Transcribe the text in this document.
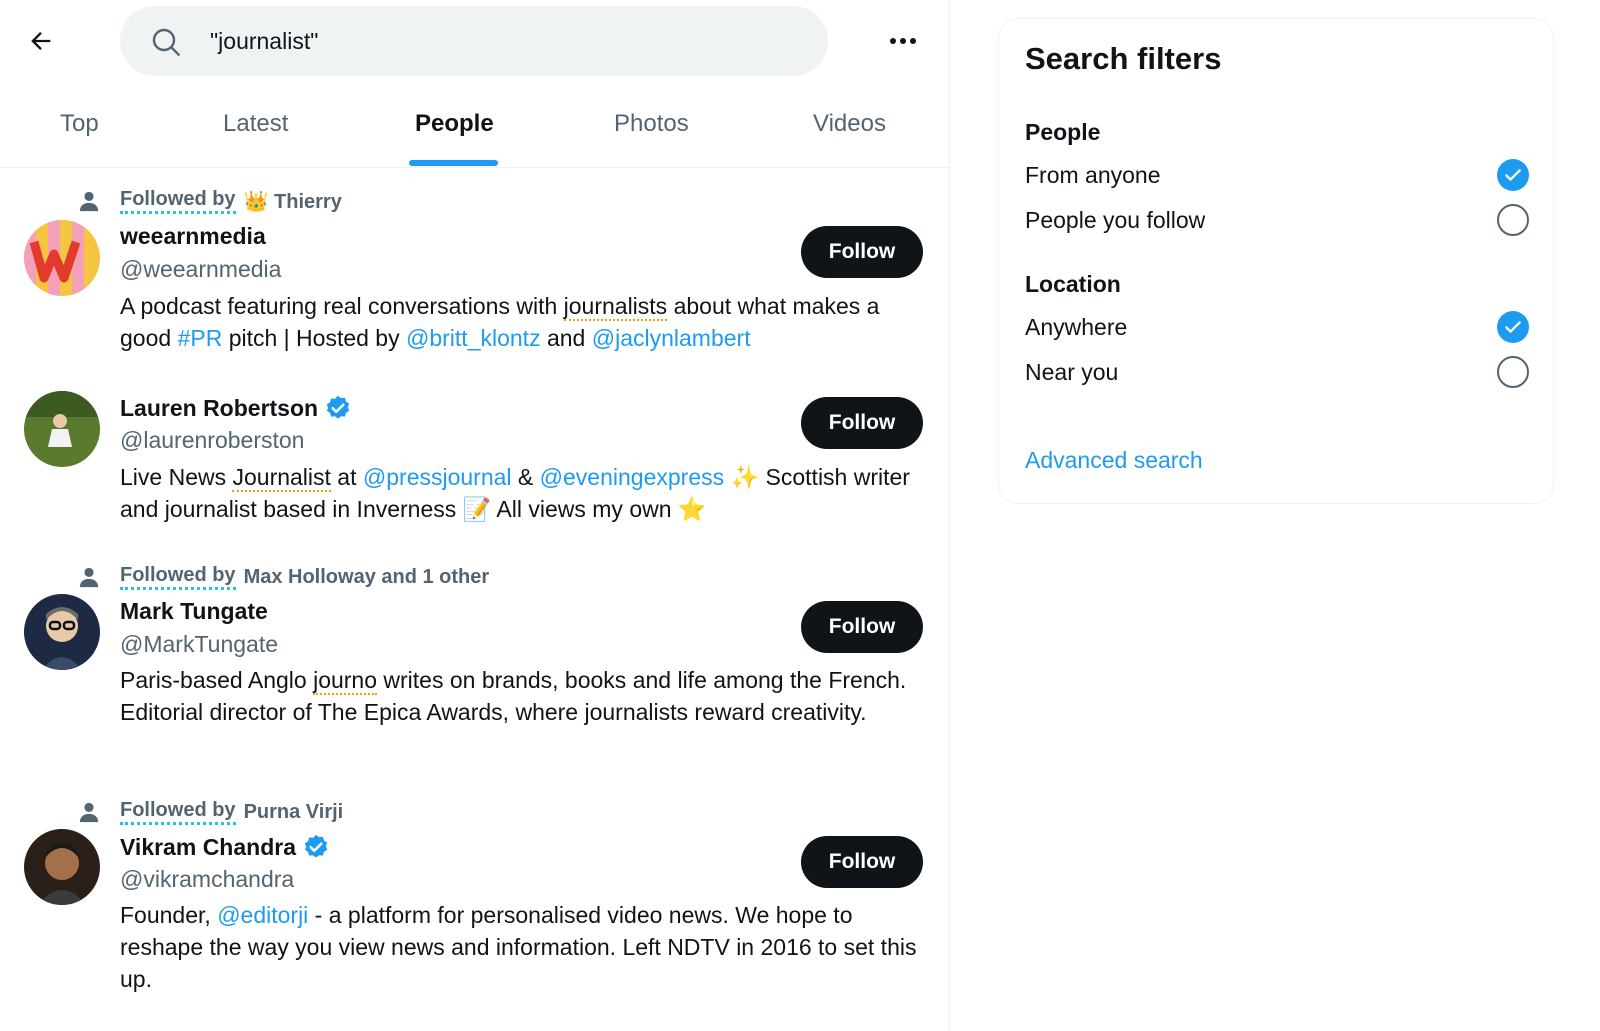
"journalist"
Top	Latest	People	Photos	Videos
Followed by 👑 Thierry
weearnmedia
@weearnmedia
Follow
A podcast featuring real conversations with journalists about what makes a good #PR pitch | Hosted by @britt_klontz and @jaclynlambert
Lauren Robertson
@laurenroberston
Follow
Live News Journalist at @pressjournal & @eveningexpress ✨ Scottish writer and journalist based in Inverness 📝 All views my own ⭐
Followed by Max Holloway and 1 other
Mark Tungate
@MarkTungate
Follow
Paris-based Anglo journo writes on brands, books and life among the French. Editorial director of The Epica Awards, where journalists reward creativity.
Followed by Purna Virji
Vikram Chandra
@vikramchandra
Follow
Founder, @editorji - a platform for personalised video news. We hope to reshape the way you view news and information. Left NDTV in 2016 to set this up.
Search filters
People
From anyone
People you follow
Location
Anywhere
Near you
Advanced search
